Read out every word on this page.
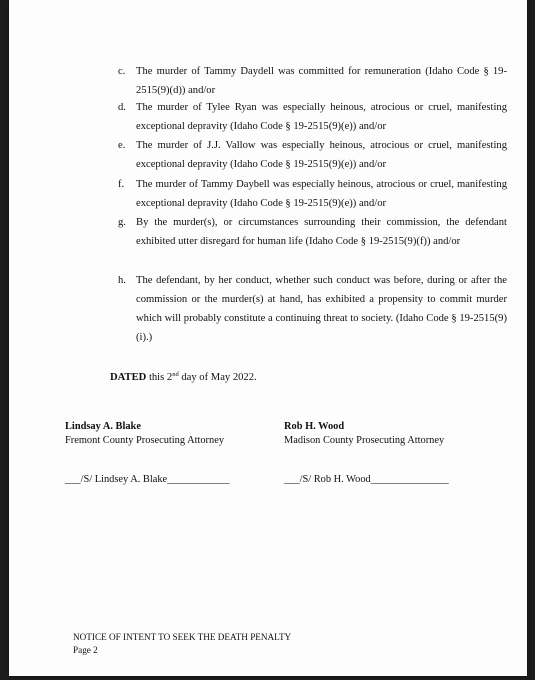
c.	The murder of Tammy Daydell was committed for remuneration (Idaho Code § 19-2515(9)(d)) and/or
d. The murder of Tylee Ryan was especially heinous, atrocious or cruel, manifesting exceptional depravity (Idaho Code § 19-2515(9)(e)) and/or
e.	The murder of J.J. Vallow was especially heinous, atrocious or cruel, manifesting exceptional depravity (Idaho Code § 19-2515(9)(e)) and/or
f.	The murder of Tammy Daybell was especially heinous, atrocious or cruel, manifesting exceptional depravity (Idaho Code § 19-2515(9)(e)) and/or
g. By the murder(s), or circumstances surrounding their commission, the defendant exhibited utter disregard for human life (Idaho Code § 19-2515(9)(f)) and/or
h. The defendant, by her conduct, whether such conduct was before, during or after the commission or the murder(s) at hand, has exhibited a propensity to commit murder which will probably constitute a continuing threat to society. (Idaho Code § 19-2515(9)(i).)
DATED this 2nd day of May 2022.
Lindsay A. Blake
Fremont County Prosecuting Attorney
___/S/ Lindsey A. Blake____________
Rob H. Wood
Madison County Prosecuting Attorney
___/S/ Rob H. Wood_______________
NOTICE OF INTENT TO SEEK THE DEATH PENALTY
Page 2
